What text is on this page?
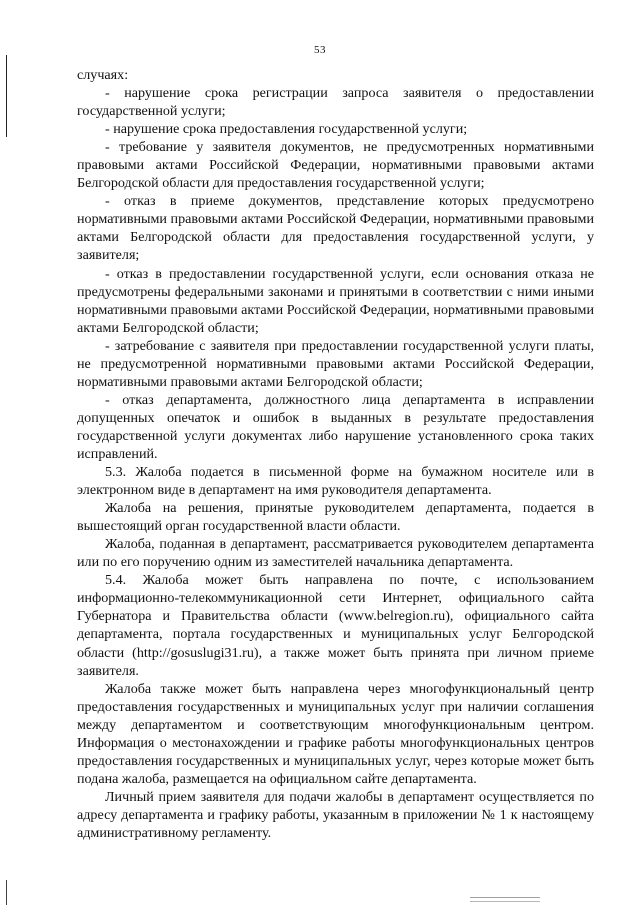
53

случаях:

- нарушение срока регистрации запроса заявителя о предоставлении государственной услуги;

- нарушение срока предоставления государственной услуги;

- требование у заявителя документов, не предусмотренных нормативными правовыми актами Российской Федерации, нормативными правовыми актами Белгородской области для предоставления государственной услуги;

- отказ в приеме документов, представление которых предусмотрено нормативными правовыми актами Российской Федерации, нормативными правовыми актами Белгородской области для предоставления государственной услуги, у заявителя;

- отказ в предоставлении государственной услуги, если основания отказа не предусмотрены федеральными законами и принятыми в соответствии с ними иными нормативными правовыми актами Российской Федерации, нормативными правовыми актами Белгородской области;

- затребование с заявителя при предоставлении государственной услуги платы, не предусмотренной нормативными правовыми актами Российской Федерации, нормативными правовыми актами Белгородской области;

- отказ департамента, должностного лица департамента в исправлении допущенных опечаток и ошибок в выданных в результате предоставления государственной услуги документах либо нарушение установленного срока таких исправлений.

5.3. Жалоба подается в письменной форме на бумажном носителе или в электронном виде в департамент на имя руководителя департамента.

Жалоба на решения, принятые руководителем департамента, подается в вышестоящий орган государственной власти области.

Жалоба, поданная в департамент, рассматривается руководителем департамента или по его поручению одним из заместителей начальника департамента.

5.4. Жалоба может быть направлена по почте, с использованием информационно-телекоммуникационной сети Интернет, официального сайта Губернатора и Правительства области (www.belregion.ru), официального сайта департамента, портала государственных и муниципальных услуг Белгородской области (http://gosuslugi31.ru), а также может быть принята при личном приеме заявителя.

Жалоба также может быть направлена через многофункциональный центр предоставления государственных и муниципальных услуг при наличии соглашения между департаментом и соответствующим многофункциональным центром. Информация о местонахождении и графике работы многофункциональных центров предоставления государственных и муниципальных услуг, через которые может быть подана жалоба, размещается на официальном сайте департамента.

Личный прием заявителя для подачи жалобы в департамент осуществляется по адресу департамента и графику работы, указанным в приложении № 1 к настоящему административному регламенту.
